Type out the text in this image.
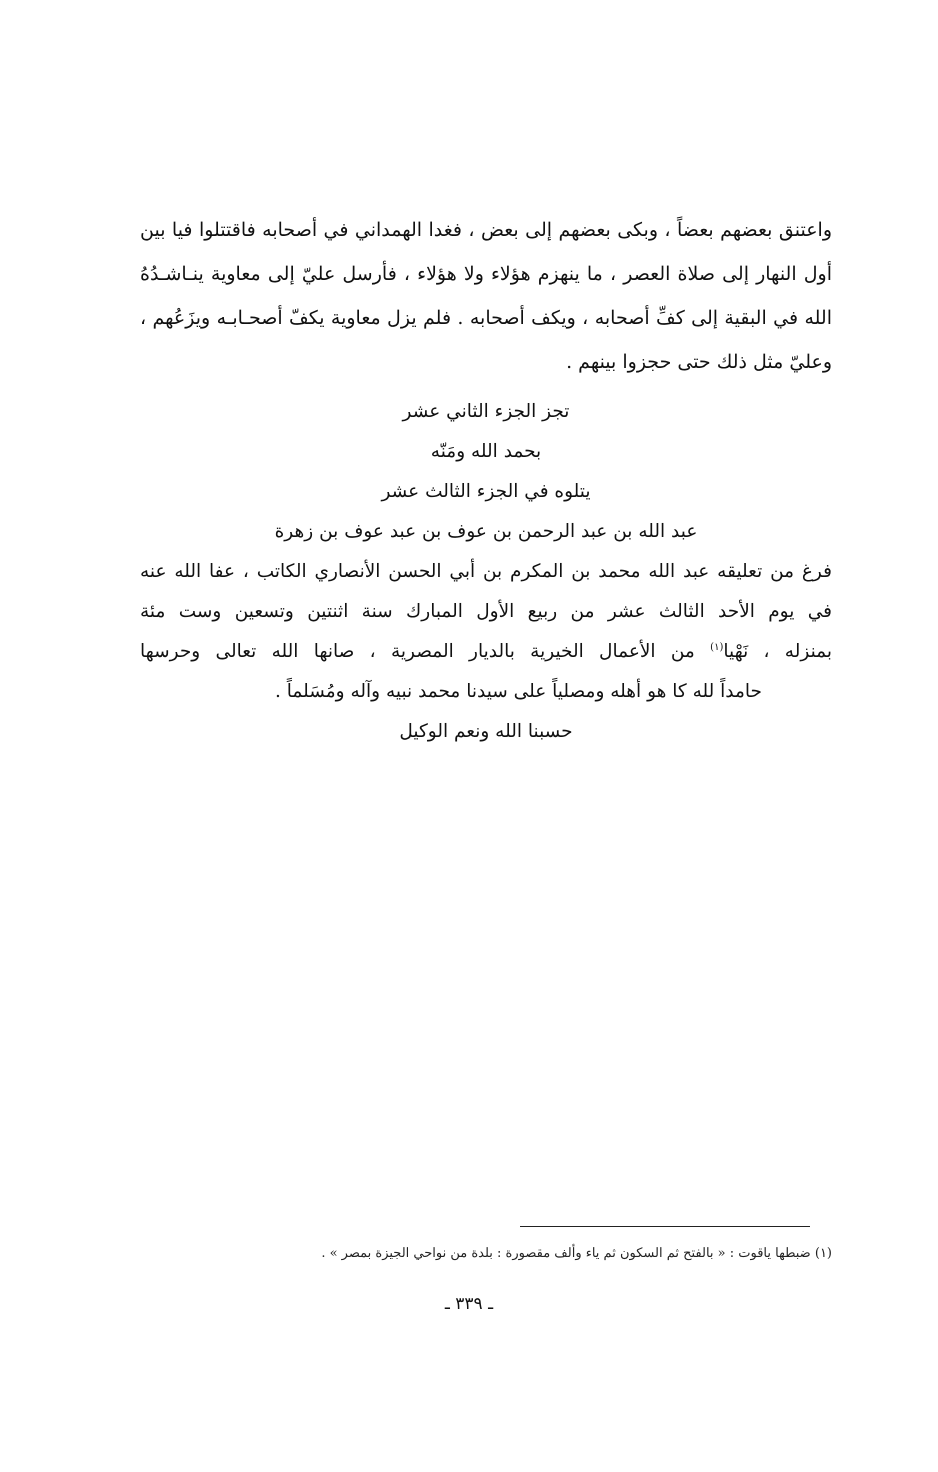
واعتنق بعضهم بعضاً ، وبكى بعضهم إلى بعض ، فغدا الهمداني في أصحابه فاقتتلوا فيا بين أول النهار إلى صلاة العصر ، ما ينهزم هؤلاء ولا هؤلاء ، فأرسل عليّ إلى معاوية ينـاشـدُهُ الله في البقية إلى كفِّ أصحابه ، ويكف أصحابه . فلم يزل معاوية يكفّ أصحـابـه ويزَعُهم ، وعليّ مثل ذلك حتى حجزوا بينهم .

تجز الجزء الثاني عشر
بحمد الله ومَنّه
يتلوه في الجزء الثالث عشر
عبد الله بن عبد الرحمن بن عوف بن عبد عوف بن زهرة
فرغ من تعليقه عبد الله محمد بن المكرم بن أبي الحسن الأنصاري الكاتب ، عفا الله عنه
في يوم الأحد الثالث عشر من ربيع الأول المبارك سنة اثنتين وتسعين وست مئة
بمنزله ، نَهْيا$^{(١)}$ من الأعمال الخيرية بالديار المصرية ، صانها الله تعالى وحرسها
حامداً لله كا هو أهله ومصلياً على سيدنا محمد نبيه وآله ومُسَلماً .
حسبنا الله ونعم الوكيل
(١) ضبطها ياقوت : « بالفتح ثم السكون ثم ياء وألف مقصورة : بلدة من نواحي الجيزة بمصر » .
ـ ٣٣٩ ـ
